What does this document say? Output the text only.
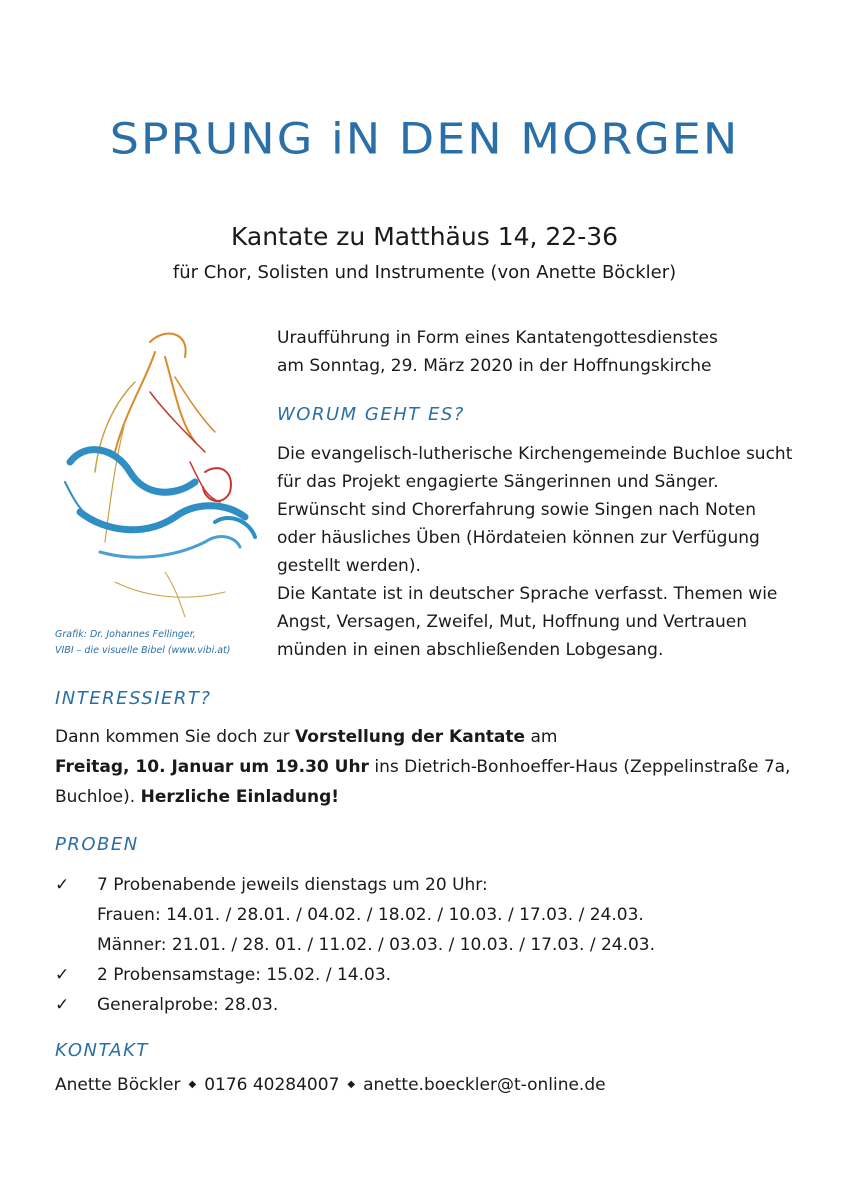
SPRUNG iN DEN MORGEN
Kantate zu Matthäus 14, 22-36
für Chor, Solisten und Instrumente (von Anette Böckler)
Uraufführung in Form eines Kantatengottesdienstes
am Sonntag, 29. März 2020 in der Hoffnungskirche
Grafik: Dr. Johannes Fellinger,
VIBI – die visuelle Bibel (www.vibi.at)
WORUM GEHT ES?

Die evangelisch-lutherische Kirchengemeinde Buchloe sucht für das Projekt engagierte Sängerinnen und Sänger. Erwünscht sind Chorerfahrung sowie Singen nach Noten oder häusliches Üben (Hördateien können zur Verfügung gestellt werden).

Die Kantate ist in deutscher Sprache verfasst. Themen wie Angst, Versagen, Zweifel, Mut, Hoffnung und Vertrauen münden in einen abschließenden Lobgesang.

INTERESSIERT?
Dann kommen Sie doch zur Vorstellung der Kantate am
Freitag, 10. Januar um 19.30 Uhr ins Dietrich-Bonhoeffer-Haus (Zeppelinstraße 7a,
Buchloe). Herzliche Einladung!
PROBEN
✓	7 Probenabende jeweils dienstags um 20 Uhr:
Frauen: 14.01. / 28.01. / 04.02. / 18.02. / 10.03. / 17.03. / 24.03.
Männer: 21.01. / 28. 01. / 11.02. / 03.03. / 10.03. / 17.03. / 24.03.
✓	2 Probensamstage: 15.02. / 14.03.
✓	Generalprobe: 28.03.
KONTAKT
Anette Böckler ◆ 0176 40284007 ◆ anette.boeckler@t-online.de
